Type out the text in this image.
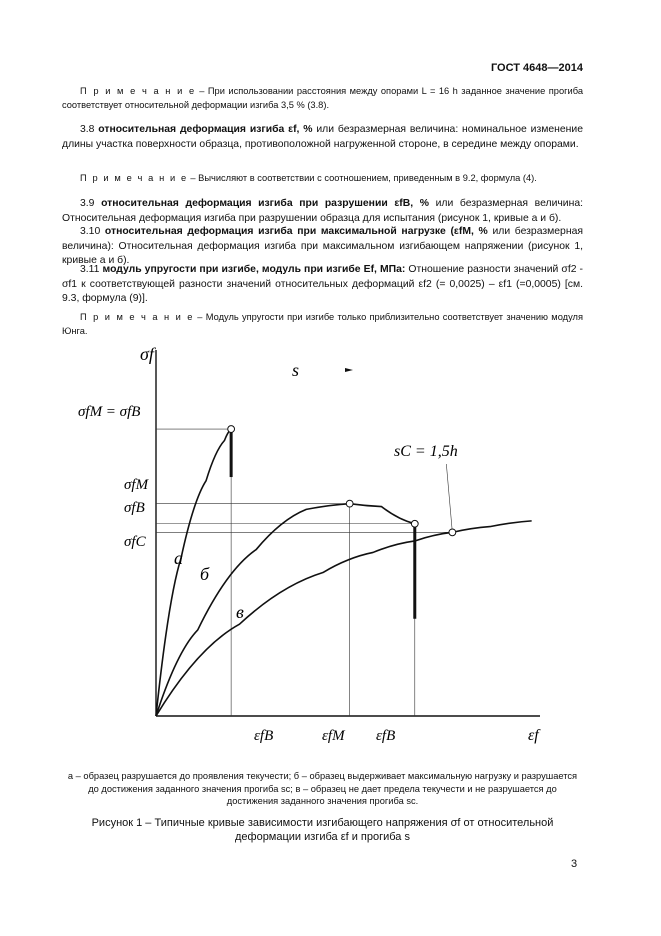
ГОСТ 4648—2014

П р и м е ч а н и е – При использовании расстояния между опорами L = 16 h заданное значение прогиба соответствует относительной деформации изгиба 3,5 % (3.8).

3.8 относительная деформация изгиба εf, % или безразмерная величина: номинальное изменение длины участка поверхности образца, противоположной нагруженной стороне, в середине между опорами.

П р и м е ч а н и е – Вычисляют в соответствии с соотношением, приведенным в 9.2, формула (4).

3.9 относительная деформация изгиба при разрушении εfB, % или безразмерная величина: Относительная деформация изгиба при разрушении образца для испытания (рисунок 1, кривые а и б).

3.10 относительная деформация изгиба при максимальной нагрузке (εfM, % или безразмерная величина): Относительная деформация изгиба при максимальном изгибающем напряжении (рисунок 1, кривые а и б).

3.11 модуль упругости при изгибе, модуль при изгибе Ef, МПа: Отношение разности значений σf2 - σf1 к соответствующей разности значений относительных деформаций εf2 (= 0,0025) – εf1 (=0,0005) [см. 9.3, формула (9)].

П р и м е ч а н и е – Модуль упругости при изгибе только приблизительно соответствует значению модуля Юнга.

σf
εf
s
σfM = σfB
σfM
σfB
σfC
εfB	εfM εfB
а
б
в
sC = 1,5h
а – образец разрушается до проявления текучести; б – образец выдерживает максимальную нагрузку и разрушается до достижения заданного значения прогиба sc; в – образец не дает предела текучести и не разрушается до достижения заданного значения прогиба sc.
Рисунок 1 – Типичные кривые зависимости изгибающего напряжения σf от относительной
деформации изгиба εf и прогиба s
3
